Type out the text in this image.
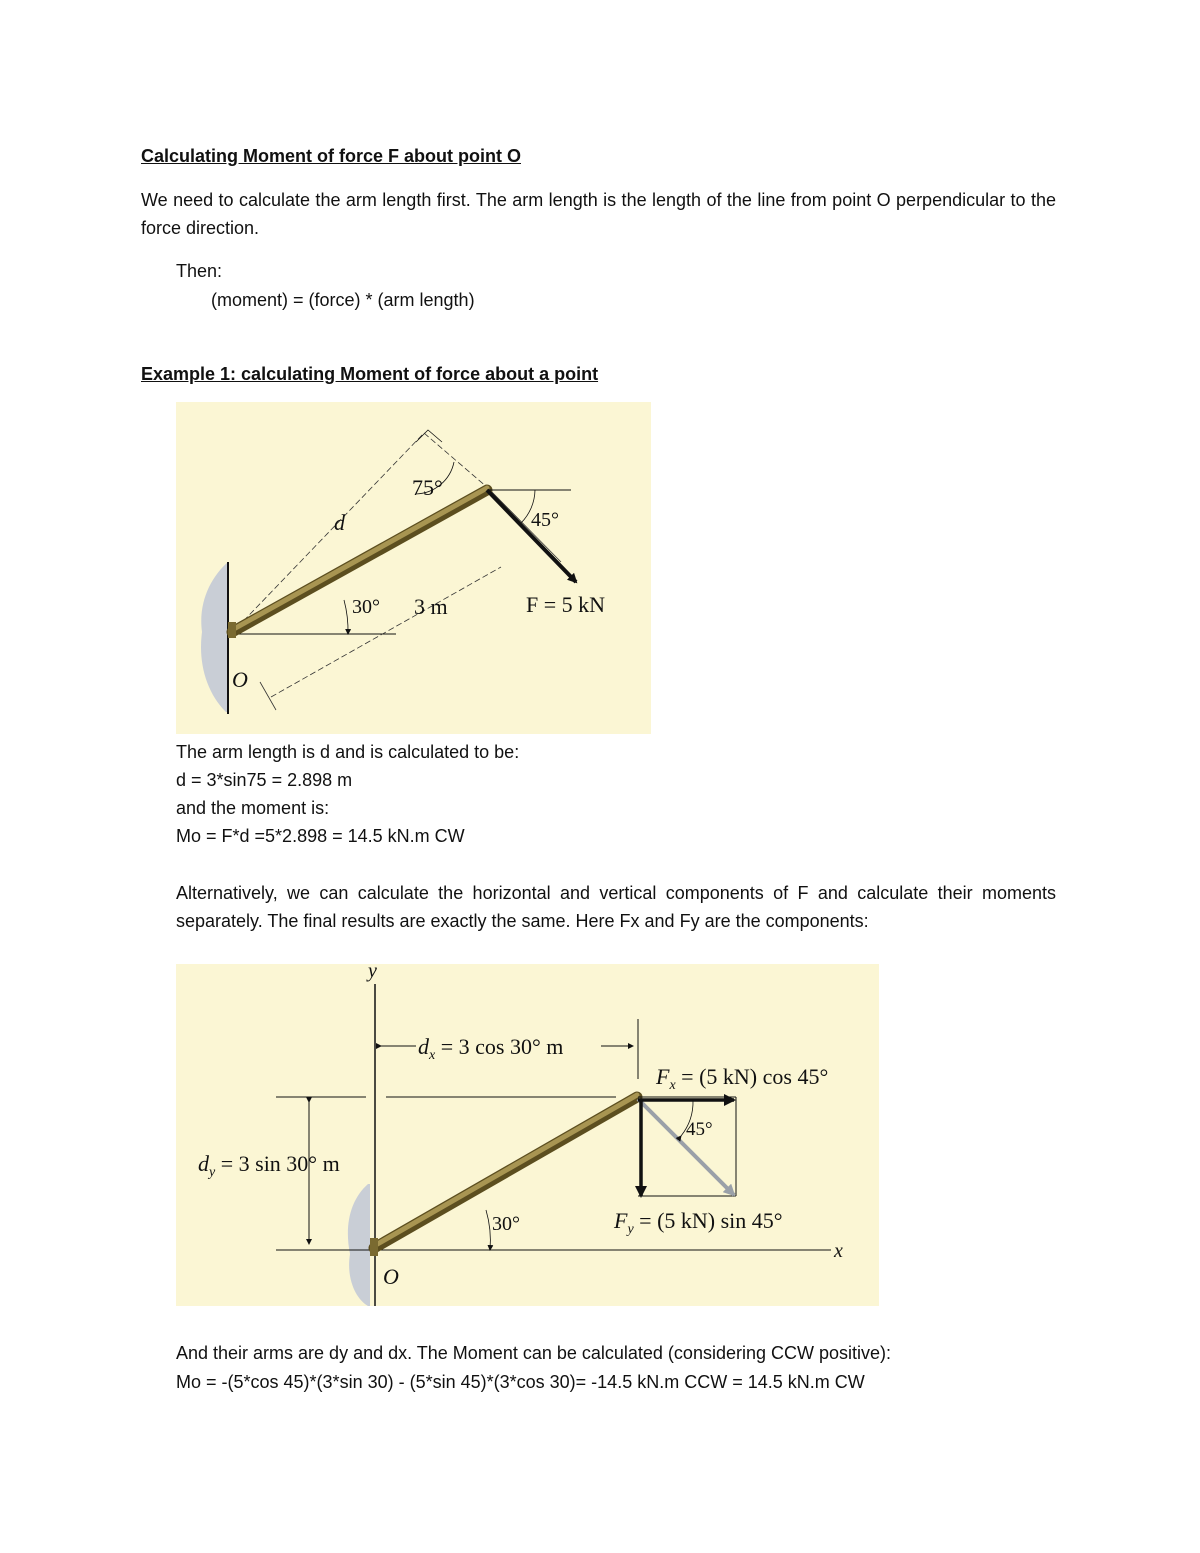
Calculating Moment of force F about point O
We need to calculate the arm length first. The arm length is the length of the line from point O perpendicular to the force direction.
Then:
(moment) = (force) * (arm length)
Example 1: calculating Moment of force about a point
75°
45°
d
30° 3 m	F = 5 kN
O
The arm length is d and is calculated to be:
d = 3*sin75 = 2.898 m
and the moment is:
Mo = F*d =5*2.898 = 14.5 kN.m CW
Alternatively, we can calculate the horizontal and vertical components of F and calculate their moments separately. The final results are exactly the same. Here Fx and Fy are the components:
y
x
$d_x = 3$ cos 30° m
$F_x = (5$ kN) cos 45°
45°
$d_y = 3$ sin 30° m
30°	$F_y = (5$ kN) sin 45°
O
And their arms are dy and dx. The Moment can be calculated (considering CCW positive):
Mo = -(5*cos 45)*(3*sin 30) - (5*sin 45)*(3*cos 30)= -14.5 kN.m CCW = 14.5 kN.m CW
